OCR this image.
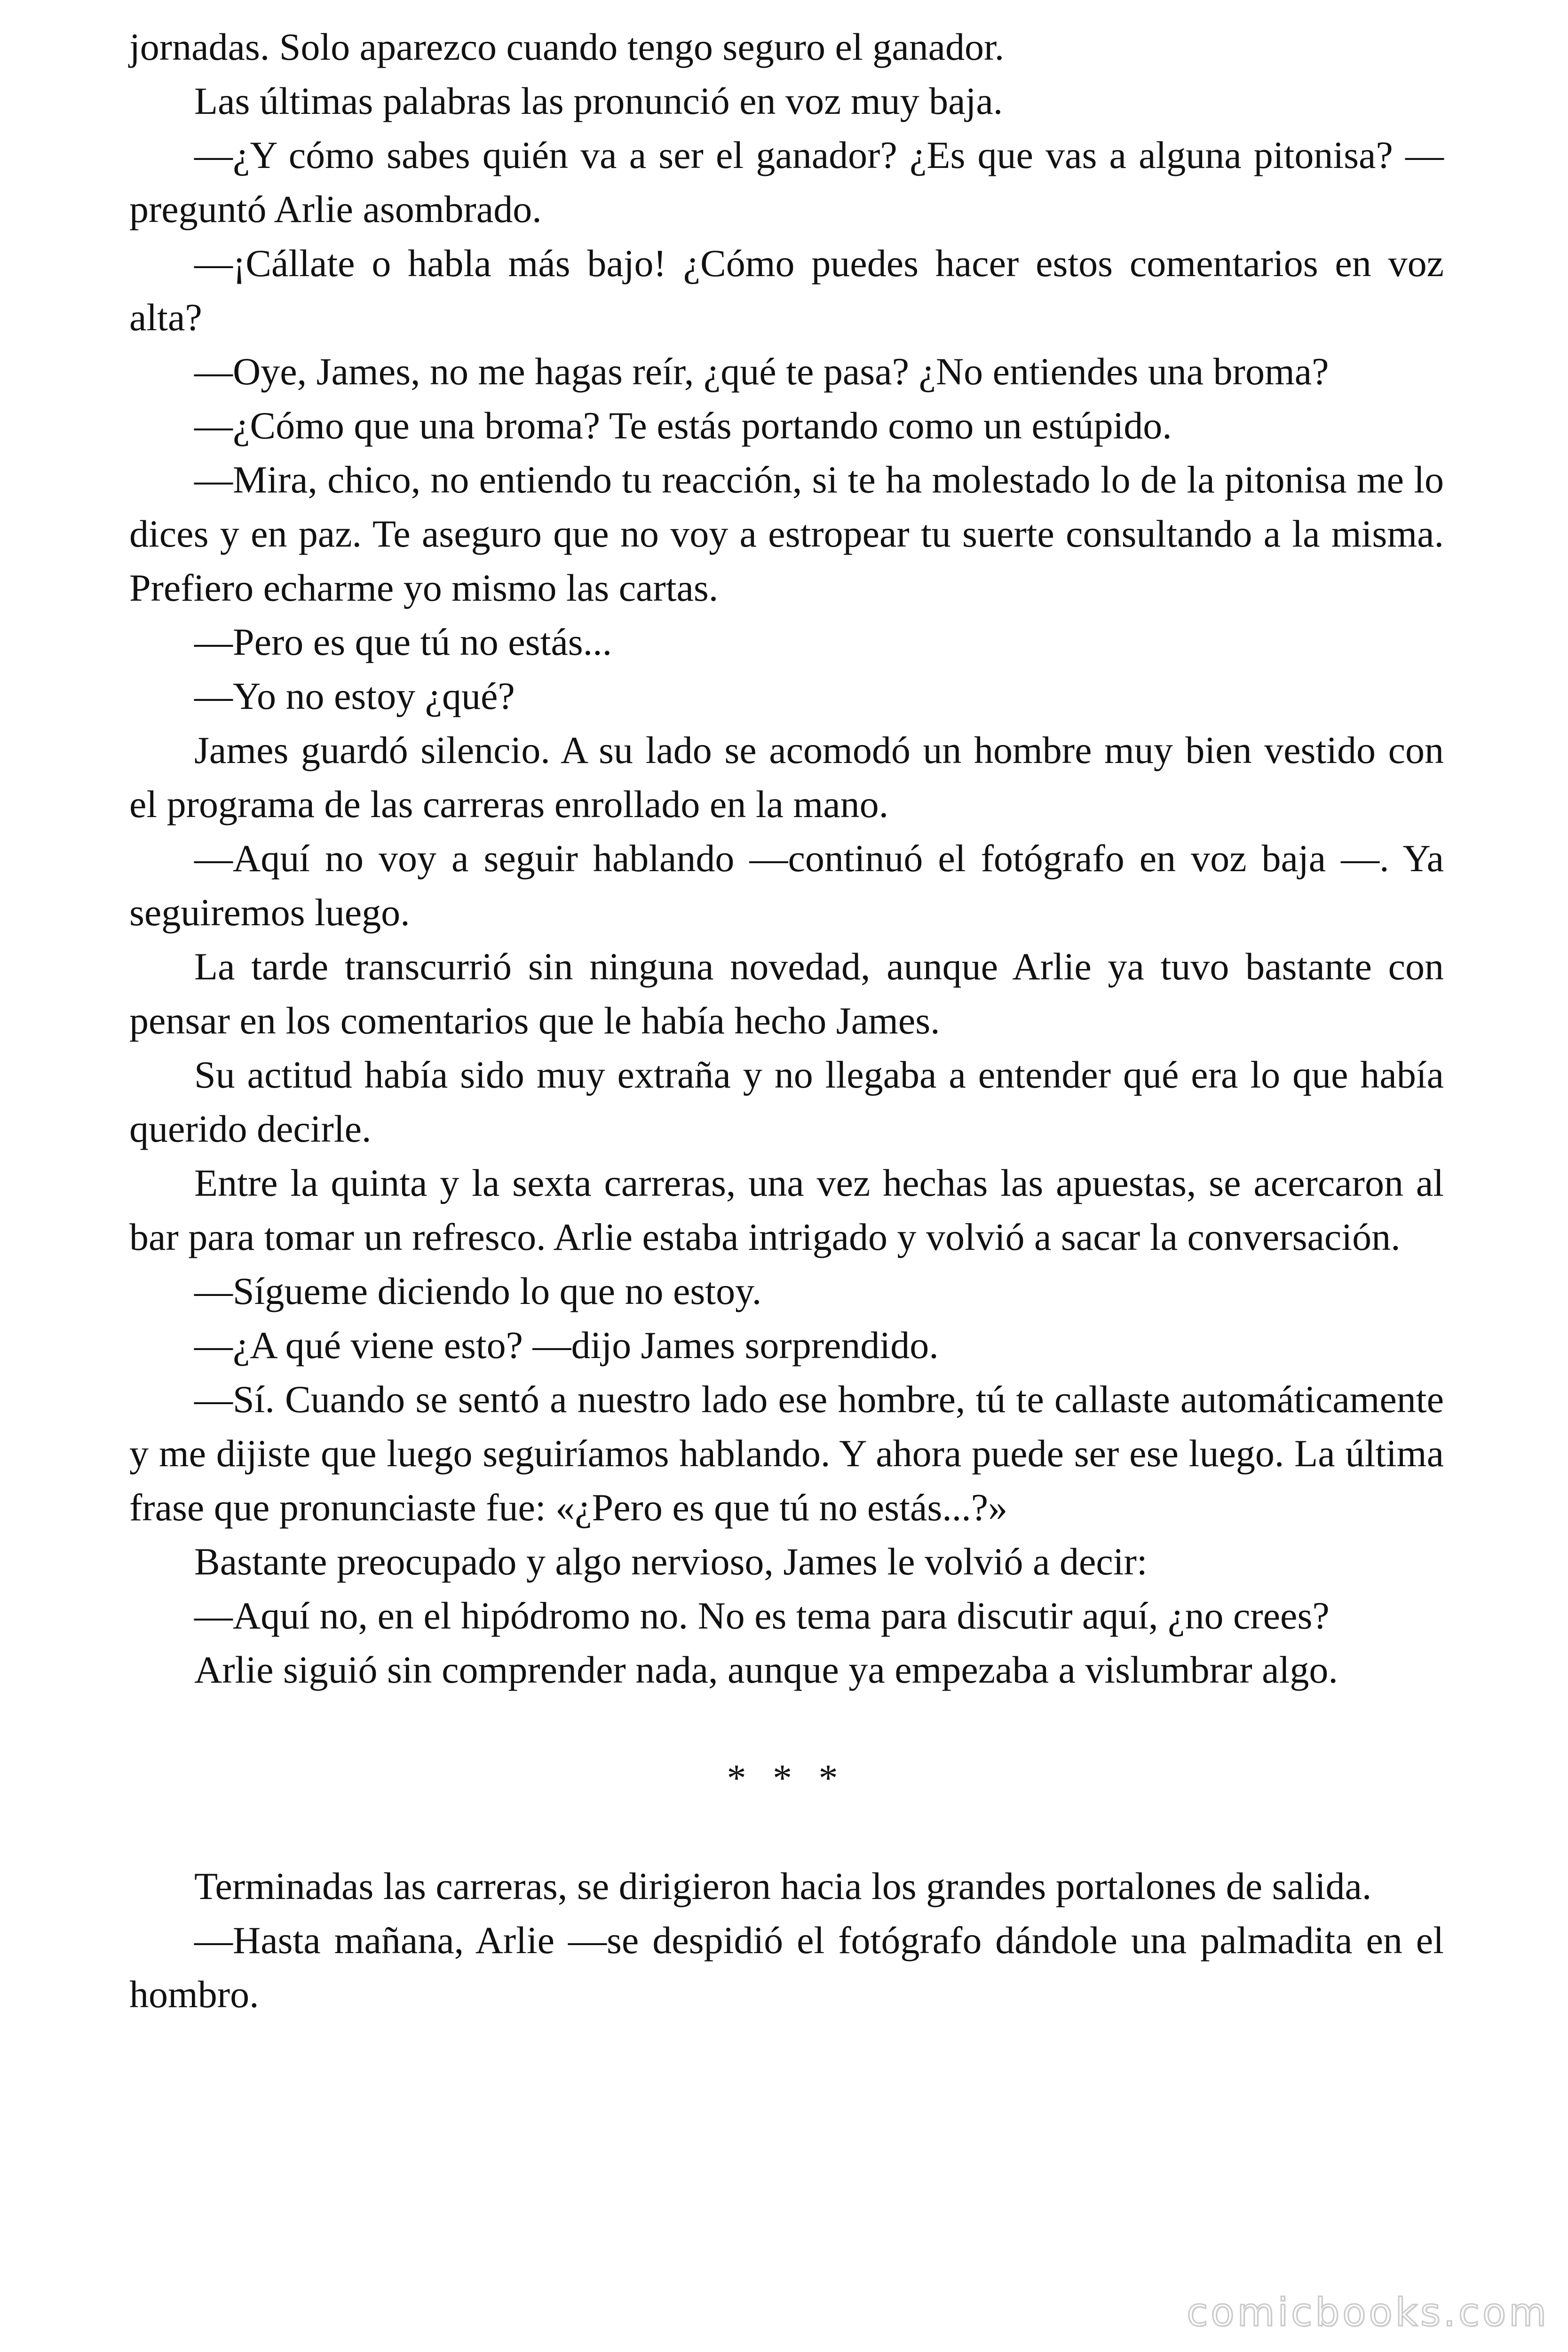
jornadas. Solo aparezco cuando tengo seguro el ganador.

Las últimas palabras las pronunció en voz muy baja.

—¿Y cómo sabes quién va a ser el ganador? ¿Es que vas a alguna pitonisa? —preguntó Arlie asombrado.

—¡Cállate o habla más bajo! ¿Cómo puedes hacer estos comentarios en voz alta?

—Oye, James, no me hagas reír, ¿qué te pasa? ¿No entiendes una broma?

—¿Cómo que una broma? Te estás portando como un estúpido.

—Mira, chico, no entiendo tu reacción, si te ha molestado lo de la pitonisa me lo dices y en paz. Te aseguro que no voy a estropear tu suerte consultando a la misma. Prefiero echarme yo mismo las cartas.

—Pero es que tú no estás...

—Yo no estoy ¿qué?

James guardó silencio. A su lado se acomodó un hombre muy bien vestido con el programa de las carreras enrollado en la mano.

—Aquí no voy a seguir hablando —continuó el fotógrafo en voz baja —. Ya seguiremos luego.

La tarde transcurrió sin ninguna novedad, aunque Arlie ya tuvo bastante con pensar en los comentarios que le había hecho James.

Su actitud había sido muy extraña y no llegaba a entender qué era lo que había querido decirle.

Entre la quinta y la sexta carreras, una vez hechas las apuestas, se acercaron al bar para tomar un refresco. Arlie estaba intrigado y volvió a sacar la conversación.

—Sígueme diciendo lo que no estoy.

—¿A qué viene esto? —dijo James sorprendido.

—Sí. Cuando se sentó a nuestro lado ese hombre, tú te callaste automáticamente y me dijiste que luego seguiríamos hablando. Y ahora puede ser ese luego. La última frase que pronunciaste fue: «¿Pero es que tú no estás...?»

Bastante preocupado y algo nervioso, James le volvió a decir:

—Aquí no, en el hipódromo no. No es tema para discutir aquí, ¿no crees?

Arlie siguió sin comprender nada, aunque ya empezaba a vislumbrar algo.

* * *

Terminadas las carreras, se dirigieron hacia los grandes portalones de salida.

—Hasta mañana, Arlie —se despidió el fotógrafo dándole una palmadita en el hombro.

comicbooks.com
